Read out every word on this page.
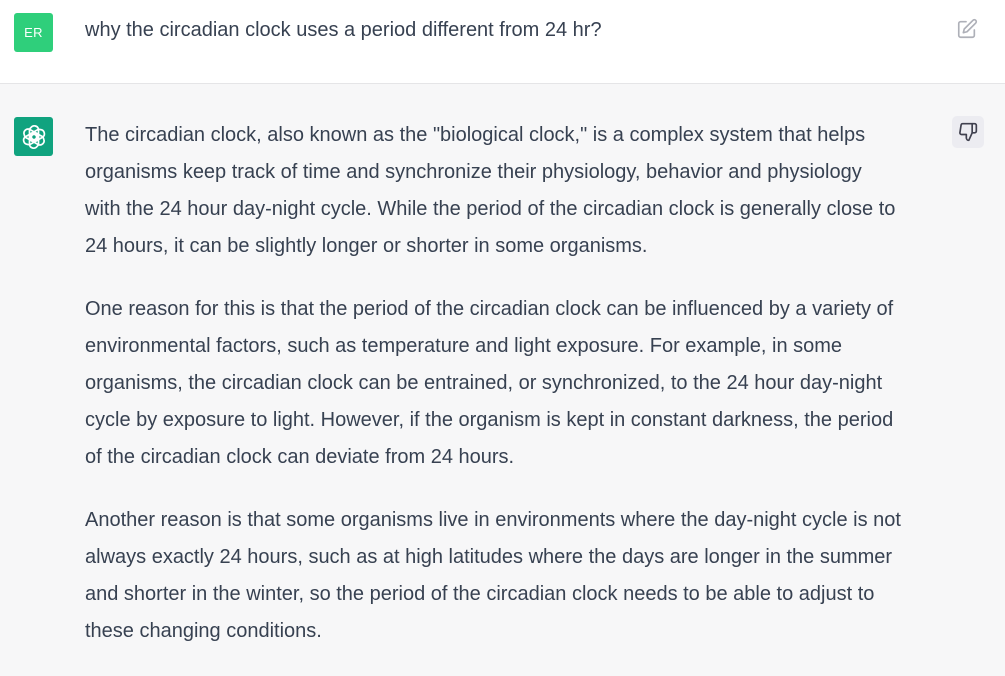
ER why the circadian clock uses a period different from 24 hr?

The circadian clock, also known as the "biological clock," is a complex system that helps
organisms keep track of time and synchronize their physiology, behavior and physiology
with the 24 hour day-night cycle. While the period of the circadian clock is generally close to
24 hours, it can be slightly longer or shorter in some organisms.

One reason for this is that the period of the circadian clock can be influenced by a variety of
environmental factors, such as temperature and light exposure. For example, in some
organisms, the circadian clock can be entrained, or synchronized, to the 24 hour day-night
cycle by exposure to light. However, if the organism is kept in constant darkness, the period
of the circadian clock can deviate from 24 hours.

Another reason is that some organisms live in environments where the day-night cycle is not
always exactly 24 hours, such as at high latitudes where the days are longer in the summer
and shorter in the winter, so the period of the circadian clock needs to be able to adjust to
these changing conditions.
